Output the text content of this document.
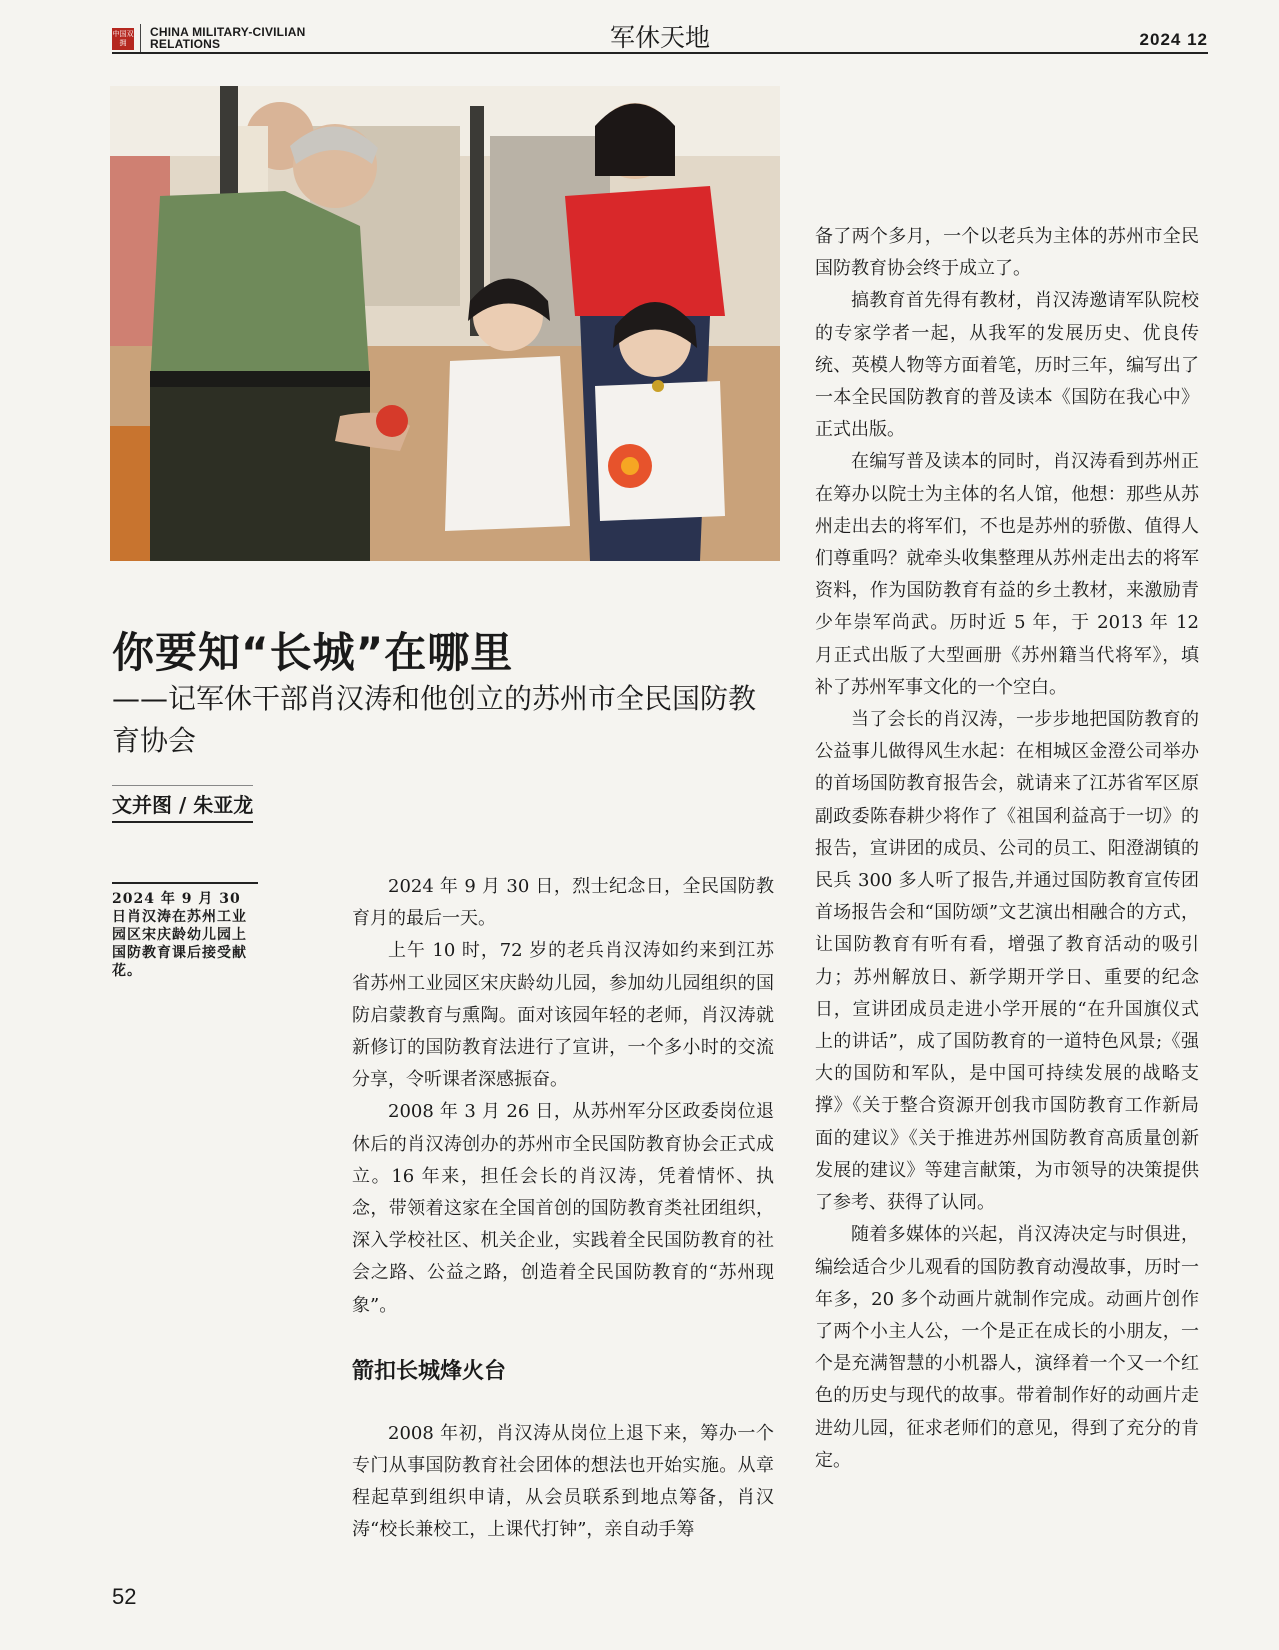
中国双拥
CHINA MILITARY-CIVILIAN
RELATIONS	军休天地	2024 12
你要知“长城”在哪里
——记军休干部肖汉涛和他创立的苏州市全民国防教育协会
文并图 / 朱亚龙
2024 年 9 月 30 日肖汉涛在苏州工业园区宋庆龄幼儿园上国防教育课后接受献花。

2024 年 9 月 30 日，烈士纪念日，全民国防教育月的最后一天。

上午 10 时，72 岁的老兵肖汉涛如约来到江苏省苏州工业园区宋庆龄幼儿园，参加幼儿园组织的国防启蒙教育与熏陶。面对该园年轻的老师，肖汉涛就新修订的国防教育法进行了宣讲，一个多小时的交流分享，令听课者深感振奋。

2008 年 3 月 26 日，从苏州军分区政委岗位退休后的肖汉涛创办的苏州市全民国防教育协会正式成立。16 年来，担任会长的肖汉涛，凭着情怀、执念，带领着这家在全国首创的国防教育类社团组织，深入学校社区、机关企业，实践着全民国防教育的社会之路、公益之路，创造着全民国防教育的“苏州现象”。

箭扣长城烽火台

2008 年初，肖汉涛从岗位上退下来，筹办一个专门从事国防教育社会团体的想法也开始实施。从章程起草到组织申请，从会员联系到地点筹备，肖汉涛“校长兼校工，上课代打钟”，亲自动手筹

备了两个多月，一个以老兵为主体的苏州市全民国防教育协会终于成立了。

搞教育首先得有教材，肖汉涛邀请军队院校的专家学者一起，从我军的发展历史、优良传统、英模人物等方面着笔，历时三年，编写出了一本全民国防教育的普及读本《国防在我心中》正式出版。

在编写普及读本的同时，肖汉涛看到苏州正在筹办以院士为主体的名人馆，他想：那些从苏州走出去的将军们，不也是苏州的骄傲、值得人们尊重吗？就牵头收集整理从苏州走出去的将军资料，作为国防教育有益的乡土教材，来激励青少年崇军尚武。历时近 5 年，于 2013 年 12 月正式出版了大型画册《苏州籍当代将军》，填补了苏州军事文化的一个空白。

当了会长的肖汉涛，一步步地把国防教育的公益事儿做得风生水起：在相城区金澄公司举办的首场国防教育报告会，就请来了江苏省军区原副政委陈春耕少将作了《祖国利益高于一切》的报告，宣讲团的成员、公司的员工、阳澄湖镇的民兵 300 多人听了报告,并通过国防教育宣传团首场报告会和“国防颂”文艺演出相融合的方式，让国防教育有听有看，增强了教育活动的吸引力；苏州解放日、新学期开学日、重要的纪念日，宣讲团成员走进小学开展的“在升国旗仪式上的讲话”，成了国防教育的一道特色风景;《强大的国防和军队，是中国可持续发展的战略支撑》《关于整合资源开创我市国防教育工作新局面的建议》《关于推进苏州国防教育高质量创新发展的建议》等建言献策，为市领导的决策提供了参考、获得了认同。

随着多媒体的兴起，肖汉涛决定与时俱进，编绘适合少儿观看的国防教育动漫故事，历时一年多，20 多个动画片就制作完成。动画片创作了两个小主人公，一个是正在成长的小朋友，一个是充满智慧的小机器人，演绎着一个又一个红色的历史与现代的故事。带着制作好的动画片走进幼儿园，征求老师们的意见，得到了充分的肯定。

52
